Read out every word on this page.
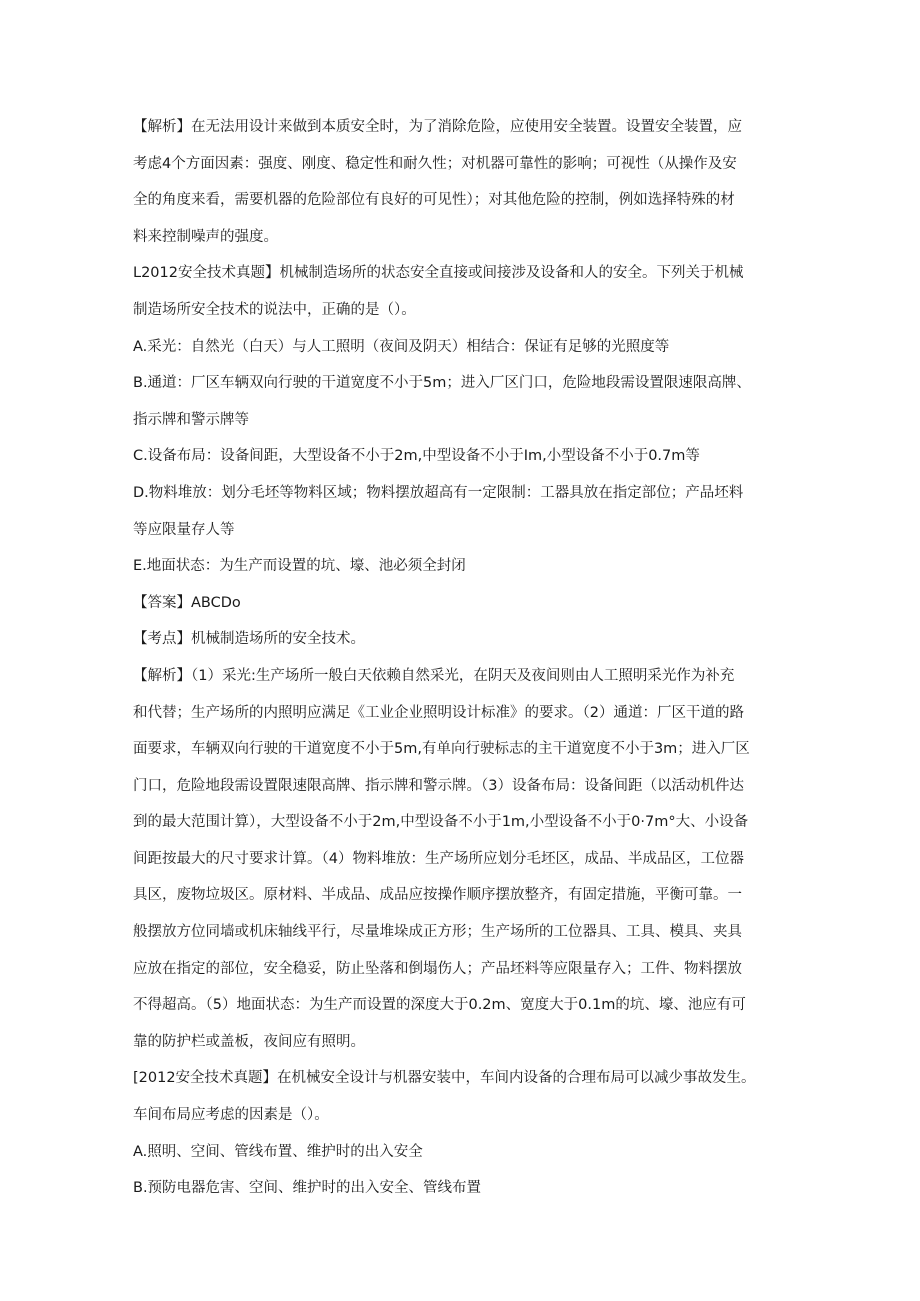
【解析】在无法用设计来做到本质安全时，为了消除危险，应使用安全装置。设置安全装置，应
考虑4个方面因素：强度、刚度、稳定性和耐久性；对机器可靠性的影响；可视性（从操作及安
全的角度来看，需要机器的危险部位有良好的可见性）；对其他危险的控制，例如选择特殊的材
料来控制噪声的强度。
L2012安全技术真题】机械制造场所的状态安全直接或间接涉及设备和人的安全。下列关于机械
制造场所安全技术的说法中，正确的是（）。
A.采光：自然光（白天）与人工照明（夜间及阴天）相结合：保证有足够的光照度等
B.通道：厂区车辆双向行驶的干道宽度不小于5m；进入厂区门口，危险地段需设置限速限高牌、
指示牌和警示牌等
C.设备布局：设备间距，大型设备不小于2m,中型设备不小于Im,小型设备不小于0.7m等
D.物料堆放：划分毛坯等物料区域；物料摆放超高有一定限制：工器具放在指定部位；产品坯料
等应限量存人等
E.地面状态：为生产而设置的坑、壕、池必须全封闭
【答案】ABCDo
【考点】机械制造场所的安全技术。
【解析】（1）采光:生产场所一般白天依赖自然采光，在阴天及夜间则由人工照明采光作为补充
和代替；生产场所的内照明应满足《工业企业照明设计标准》的要求。（2）通道：厂区干道的路
面要求，车辆双向行驶的干道宽度不小于5m,有单向行驶标志的主干道宽度不小于3m；进入厂区
门口，危险地段需设置限速限高牌、指示牌和警示牌。（3）设备布局：设备间距（以活动机件达
到的最大范围计算），大型设备不小于2m,中型设备不小于1m,小型设备不小于0·7m°大、小设备
间距按最大的尺寸要求计算。（4）物料堆放：生产场所应划分毛坯区，成品、半成品区，工位器
具区，废物垃圾区。原材料、半成品、成品应按操作顺序摆放整齐，有固定措施，平衡可靠。一
般摆放方位同墙或机床轴线平行，尽量堆垛成正方形；生产场所的工位器具、工具、模具、夹具
应放在指定的部位，安全稳妥，防止坠落和倒塌伤人；产品坯料等应限量存入；工件、物料摆放
不得超高。（5）地面状态：为生产而设置的深度大于0.2m、宽度大于0.1m的坑、壕、池应有可
靠的防护栏或盖板，夜间应有照明。
[2012安全技术真题】在机械安全设计与机器安装中，车间内设备的合理布局可以减少事故发生。
车间布局应考虑的因素是（）。
A.照明、空间、管线布置、维护时的出入安全
B.预防电器危害、空间、维护时的出入安全、管线布置
